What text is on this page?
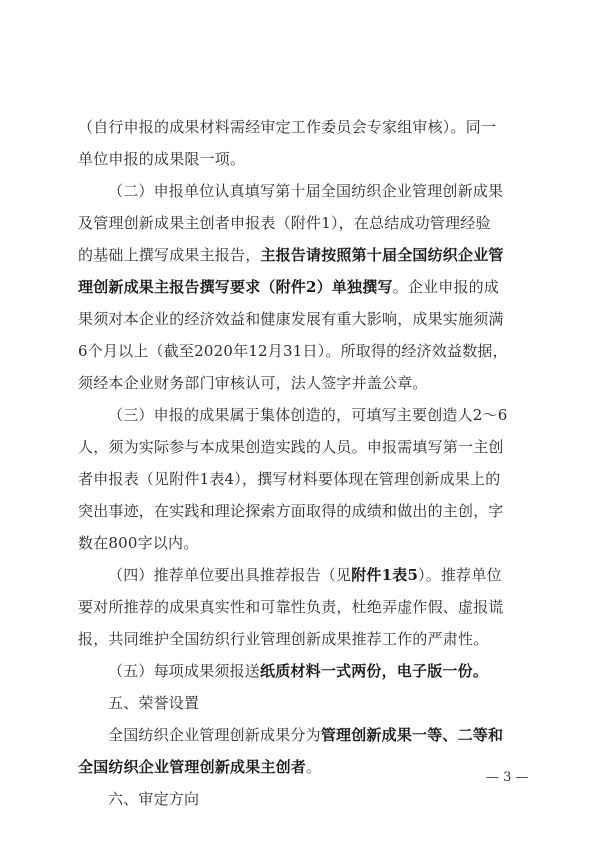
（自行申报的成果材料需经审定工作委员会专家组审核）。同一
单位申报的成果限一项。
（二）申报单位认真填写第十届全国纺织企业管理创新成果
及管理创新成果主创者申报表（附件1），在总结成功管理经验
的基础上撰写成果主报告，主报告请按照第十届全国纺织企业管
理创新成果主报告撰写要求（附件2）单独撰写。企业申报的成
果须对本企业的经济效益和健康发展有重大影响，成果实施须满
6个月以上（截至2020年12月31日）。所取得的经济效益数据，
须经本企业财务部门审核认可，法人签字并盖公章。
（三）申报的成果属于集体创造的，可填写主要创造人2～6
人，须为实际参与本成果创造实践的人员。申报需填写第一主创
者申报表（见附件1表4），撰写材料要体现在管理创新成果上的
突出事迹，在实践和理论探索方面取得的成绩和做出的主创，字
数在800字以内。
（四）推荐单位要出具推荐报告（见附件1表5）。推荐单位
要对所推荐的成果真实性和可靠性负责，杜绝弄虚作假、虚报谎
报，共同维护全国纺织行业管理创新成果推荐工作的严肃性。
（五）每项成果须报送纸质材料一式两份，电子版一份。
五、荣誉设置
全国纺织企业管理创新成果分为管理创新成果一等、二等和
全国纺织企业管理创新成果主创者。
六、审定方向
— 3 —
